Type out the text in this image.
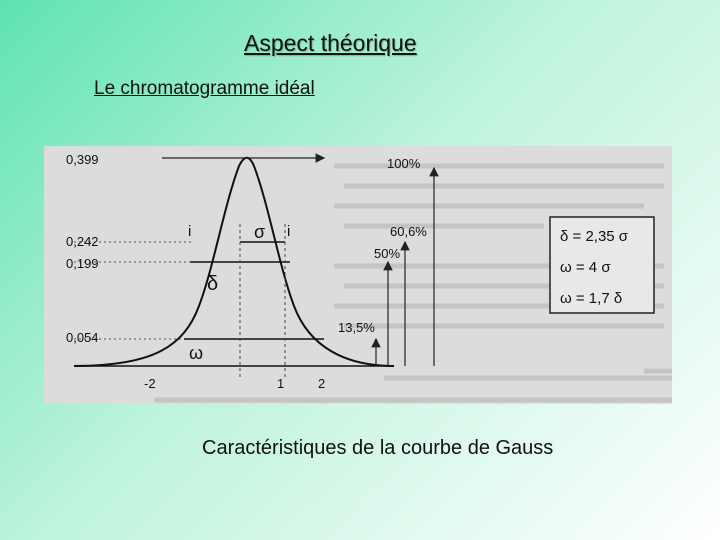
Aspect théorique
Le chromatogramme idéal
0,399
0,242
0,199
0,054
-2	1	2
100%
60,6%
50%
13,5%
i	i
σ
δ
ω
δ = 2,35 σ
ω = 4 σ
ω = 1,7 δ
Caractéristiques de la courbe de Gauss
